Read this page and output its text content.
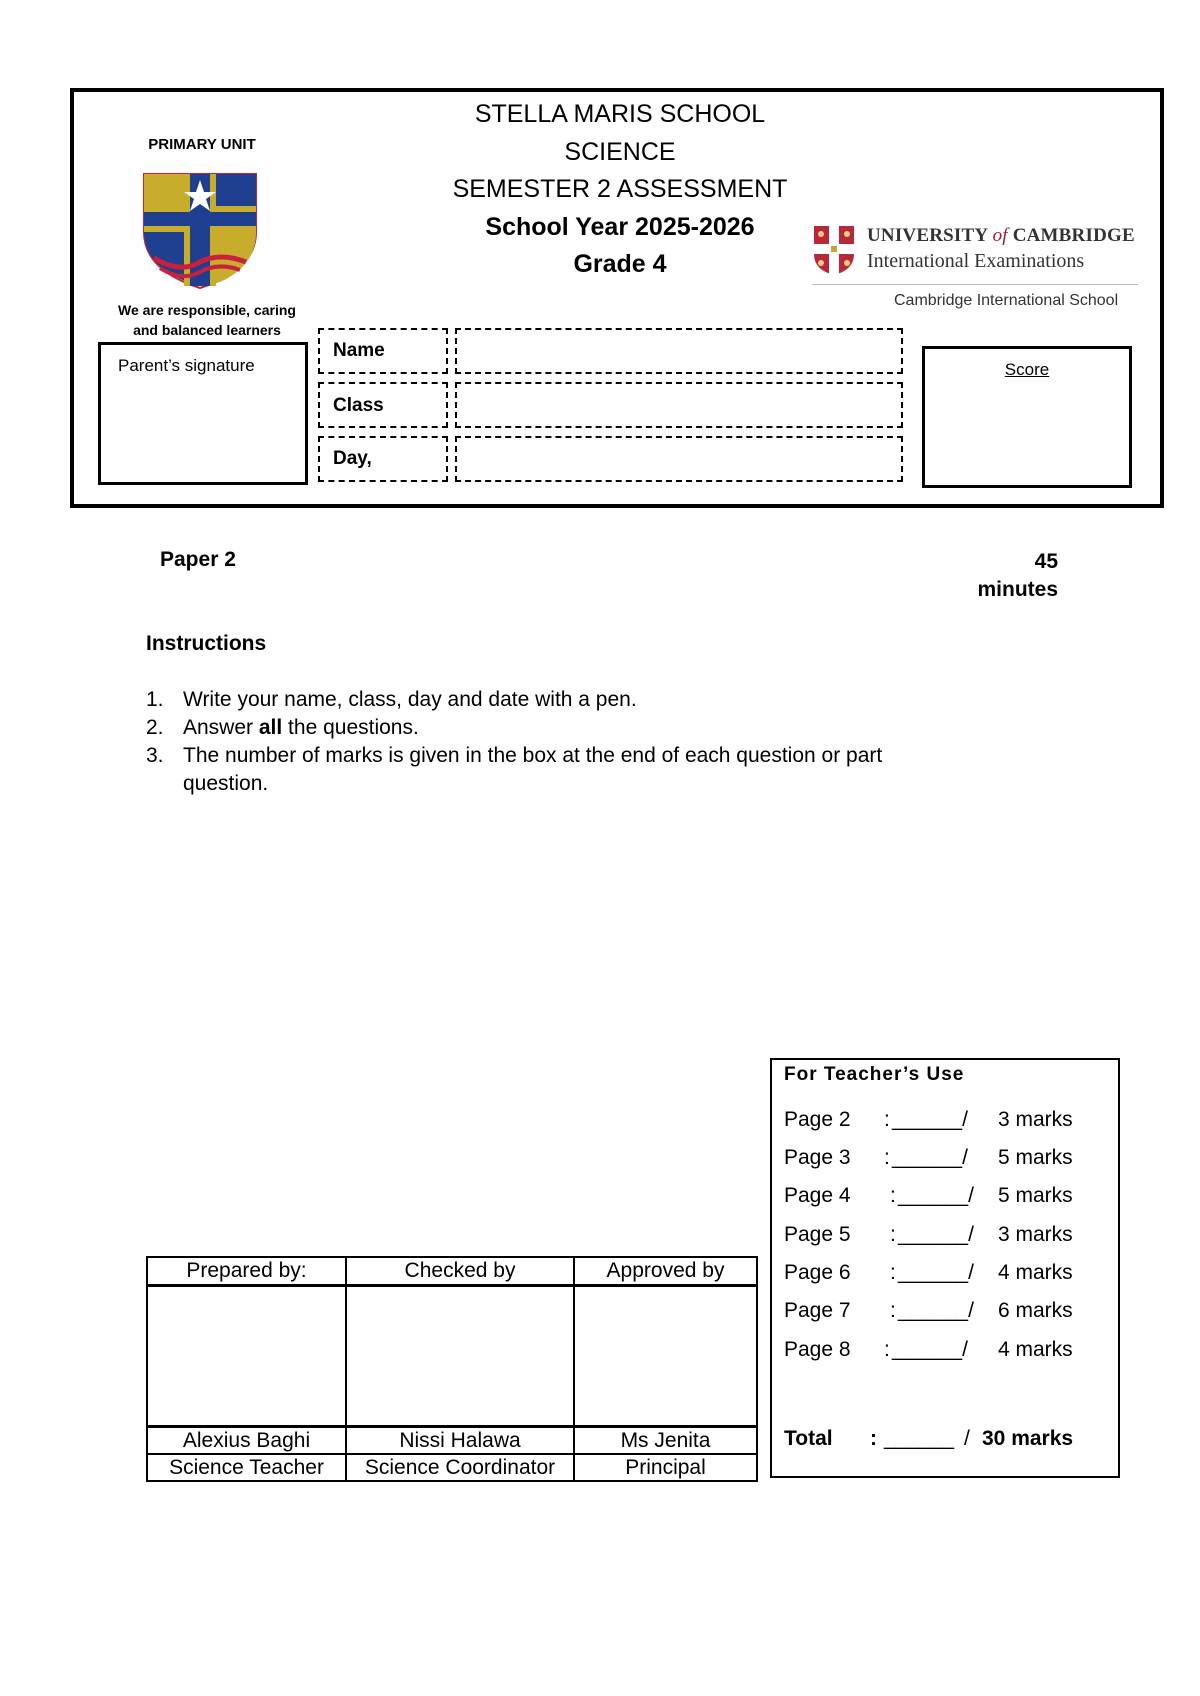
PRIMARY UNIT
We are responsible, caring
and balanced learners
STELLA MARIS SCHOOL
SCIENCE
SEMESTER 2 ASSESSMENT
School Year 2025-2026
Grade 4
UNIVERSITY of CAMBRIDGE
International Examinations
Cambridge International School
Parent’s signature
Name
Class
Day,
Score
Paper 2	45
minutes
Instructions
1. Write your name, class, day and date with a pen.
2. Answer all the questions.
3. The number of marks is given in the box at the end of each question or part
question.
Prepared by:	Checked by	Approved by

Alexius Baghi	Nissi Halawa	Ms Jenita
Science Teacher	Science Coordinator	Principal
For Teacher’s Use
Page 2 : ______/ 3 marks
Page 3 : ______/ 5 marks
Page 4 : ______/ 5 marks
Page 5 : ______/ 3 marks
Page 6 : ______/ 4 marks
Page 7 : ______/ 6 marks
Page 8 : ______/ 4 marks
Total : ______ / 30 marks
